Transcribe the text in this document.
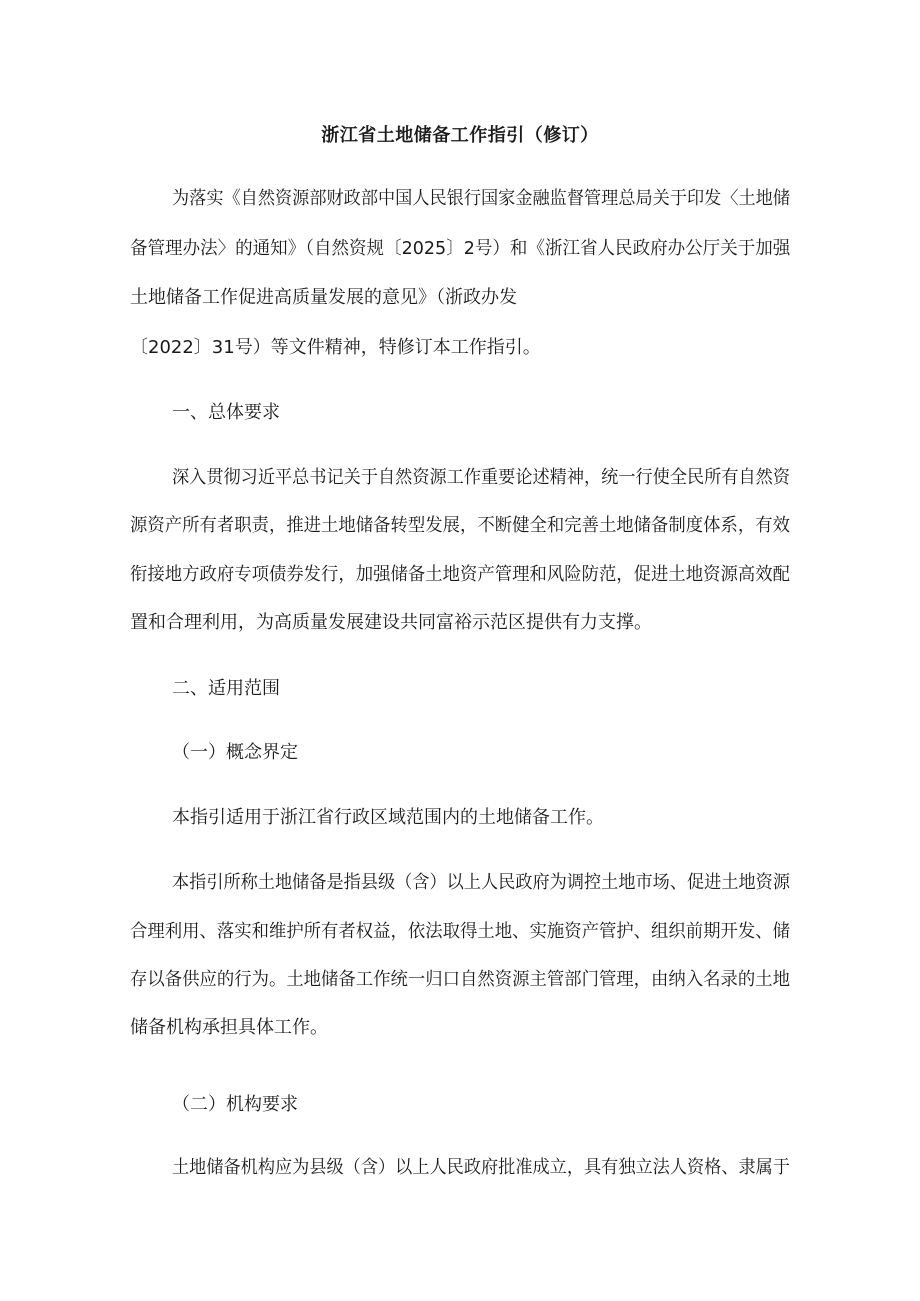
浙江省土地储备工作指引（修订）
为落实《自然资源部财政部中国人民银行国家金融监督管理总局关于印发〈土地储
备管理办法〉的通知》（自然资规〔2025〕2号）和《浙江省人民政府办公厅关于加强
土地储备工作促进高质量发展的意见》（浙政办发
〔2022〕31号）等文件精神，特修订本工作指引。
一、总体要求
深入贯彻习近平总书记关于自然资源工作重要论述精神，统一行使全民所有自然资
源资产所有者职责，推进土地储备转型发展，不断健全和完善土地储备制度体系，有效
衔接地方政府专项债券发行，加强储备土地资产管理和风险防范，促进土地资源高效配
置和合理利用，为高质量发展建设共同富裕示范区提供有力支撑。
二、适用范围
（一）概念界定
本指引适用于浙江省行政区域范围内的土地储备工作。
本指引所称土地储备是指县级（含）以上人民政府为调控土地市场、促进土地资源
合理利用、落实和维护所有者权益，依法取得土地、实施资产管护、组织前期开发、储
存以备供应的行为。土地储备工作统一归口自然资源主管部门管理，由纳入名录的土地
储备机构承担具体工作。
（二）机构要求
土地储备机构应为县级（含）以上人民政府批准成立，具有独立法人资格、隶属于
